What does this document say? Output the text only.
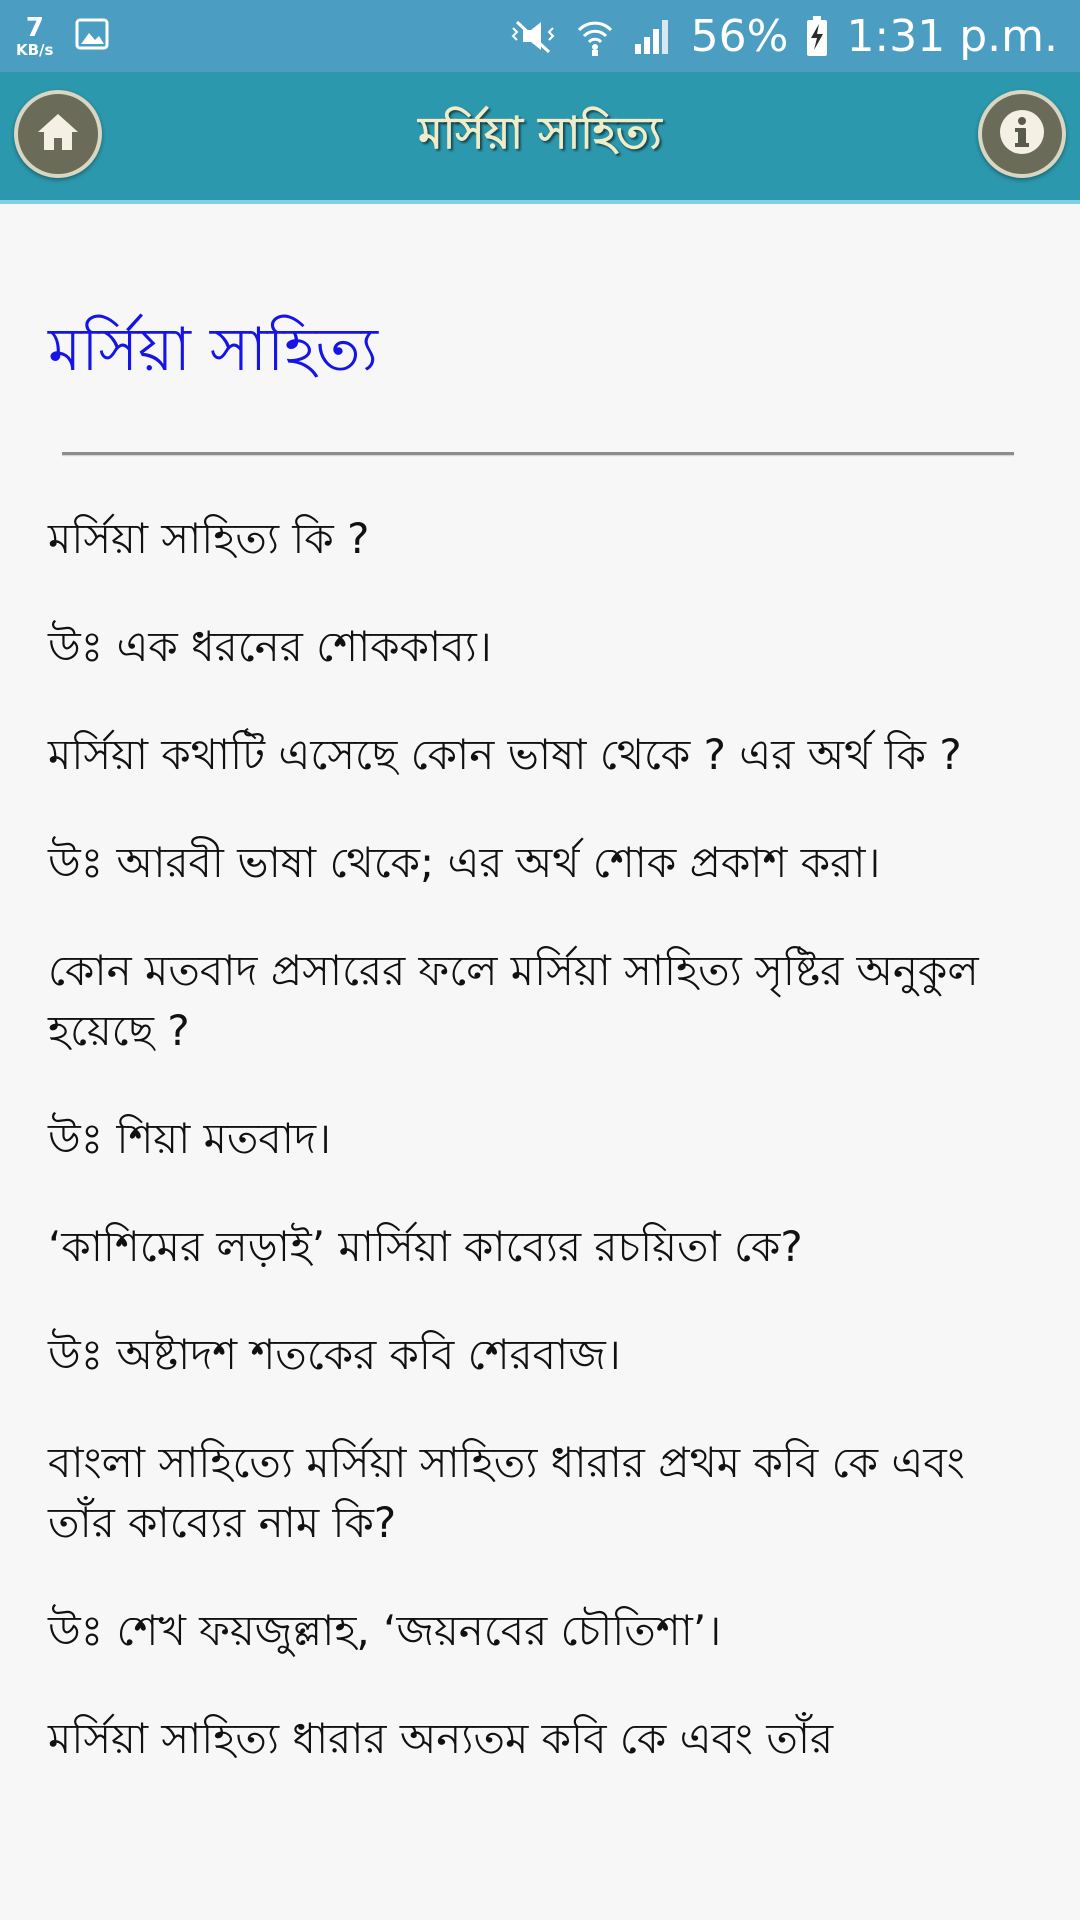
7
KB/s	56% 1:31 p.m.
মর্সিয়া সাহিত্য
মর্সিয়া সাহিত্য

মর্সিয়া সাহিত্য কি ?

উঃ এক ধরনের শোককাব্য।

মর্সিয়া কথাটি এসেছে কোন ভাষা থেকে ? এর অর্থ কি ?

উঃ আরবী ভাষা থেকে; এর অর্থ শোক প্রকাশ করা।

কোন মতবাদ প্রসারের ফলে মর্সিয়া সাহিত্য সৃষ্টির অনুকুল হয়েছে ?

উঃ শিয়া মতবাদ।

‘কাশিমের লড়াই’ মার্সিয়া কাব্যের রচয়িতা কে?

উঃ অষ্টাদশ শতকের কবি শেরবাজ।

বাংলা সাহিত্যে মর্সিয়া সাহিত্য ধারার প্রথম কবি কে এবং তাঁর কাব্যের নাম কি?

উঃ শেখ ফয়জুল্লাহ, ‘জয়নবের চৌতিশা’।

মর্সিয়া সাহিত্য ধারার অন্যতম কবি কে এবং তাঁর
